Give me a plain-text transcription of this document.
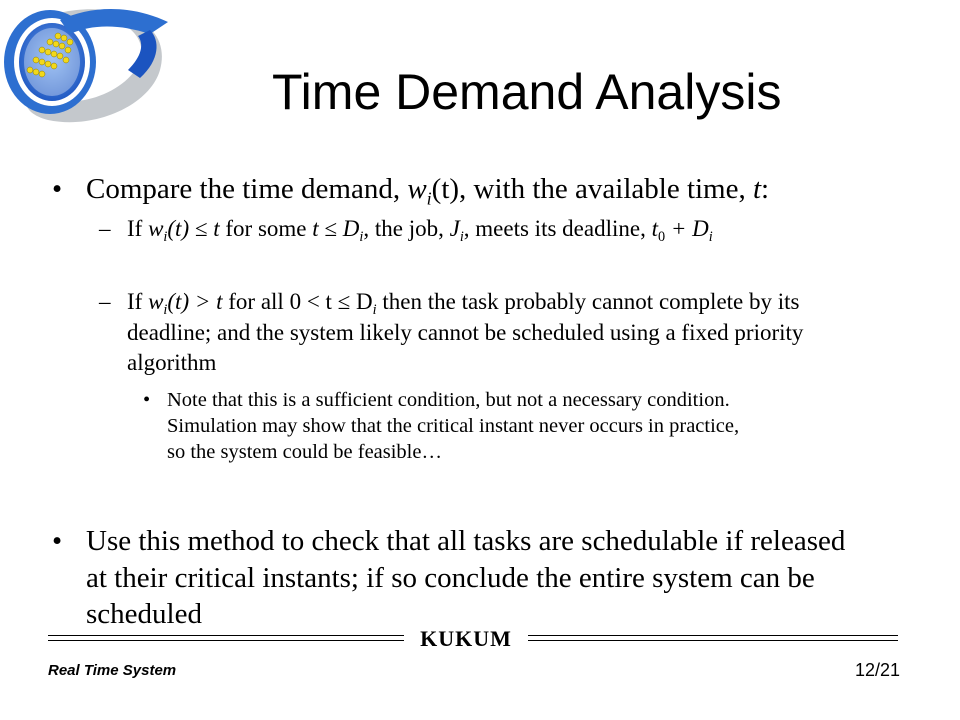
Time Demand Analysis
• Compare the time demand, $w_i(t)$, with the available time, t:
– If $w_i(t) \le t$ for some $t \le D_i$, the job, $J_i$, meets its deadline, $t_0 + D_i$
– If $w_i(t) > t$ for all $0 < t \le D_i$ then the task probably cannot complete by its
deadline; and the system likely cannot be scheduled using a fixed priority
algorithm
• Note that this is a sufficient condition, but not a necessary condition.
Simulation may show that the critical instant never occurs in practice,
so the system could be feasible…
• Use this method to check that all tasks are schedulable if released
at their critical instants; if so conclude the entire system can be
scheduled
KUKUM
Real Time System	12/21
